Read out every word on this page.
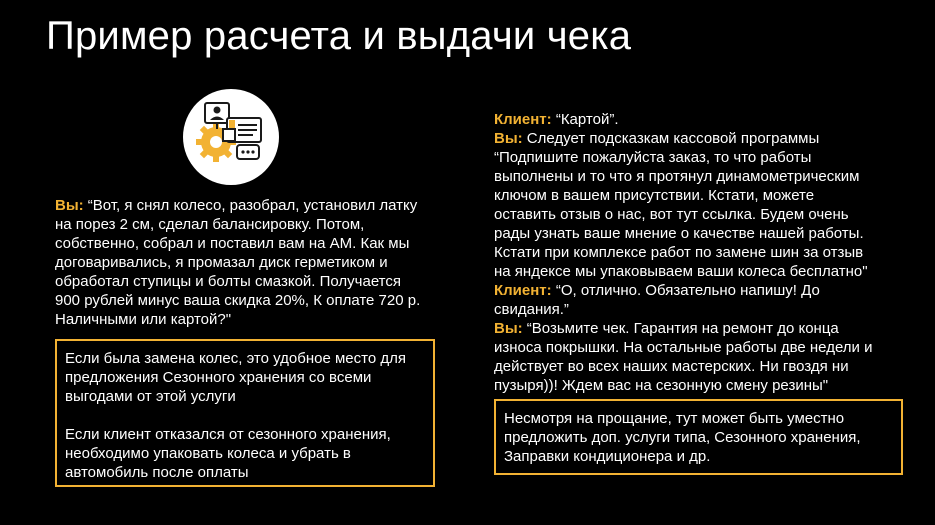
Пример расчета и выдачи чека
Вы: “Вот, я снял колесо, разобрал, установил латку
на порез 2 см, сделал балансировку. Потом,
собственно, собрал и поставил вам на АМ. Как мы
договаривались, я промазал диск герметиком и
обработал ступицы и болты смазкой. Получается
900 рублей минус ваша скидка 20%, К оплате 720 р.
Наличными или картой?"

Если была замена колес, это удобное место для

предложения Сезонного хранения со всеми

выгодами от этой услуги

Если клиент отказался от сезонного хранения,

необходимо упаковать колеса и убрать в

автомобиль после оплаты

Клиент: “Картой”.
Вы: Следует подсказкам кассовой программы
“Подпишите пожалуйста заказ, то что работы
выполнены и то что я протянул динамометрическим
ключом в вашем присутствии. Кстати, можете
оставить отзыв о нас, вот тут ссылка. Будем очень
рады узнать ваше мнение о качестве нашей работы.
Кстати при комплексе работ по замене шин за отзыв
на яндексе мы упаковываем ваши колеса бесплатно"
Клиент: “О, отлично. Обязательно напишу! До
свидания.”
Вы: “Возьмите чек. Гарантия на ремонт до конца
износа покрышки. На остальные работы две недели и
действует во всех наших мастерских. Ни гвоздя ни
пузыря))! Ждем вас на сезонную смену резины"

Несмотря на прощание, тут может быть уместно

предложить доп. услуги типа, Сезонного хранения,

Заправки кондиционера и др.
